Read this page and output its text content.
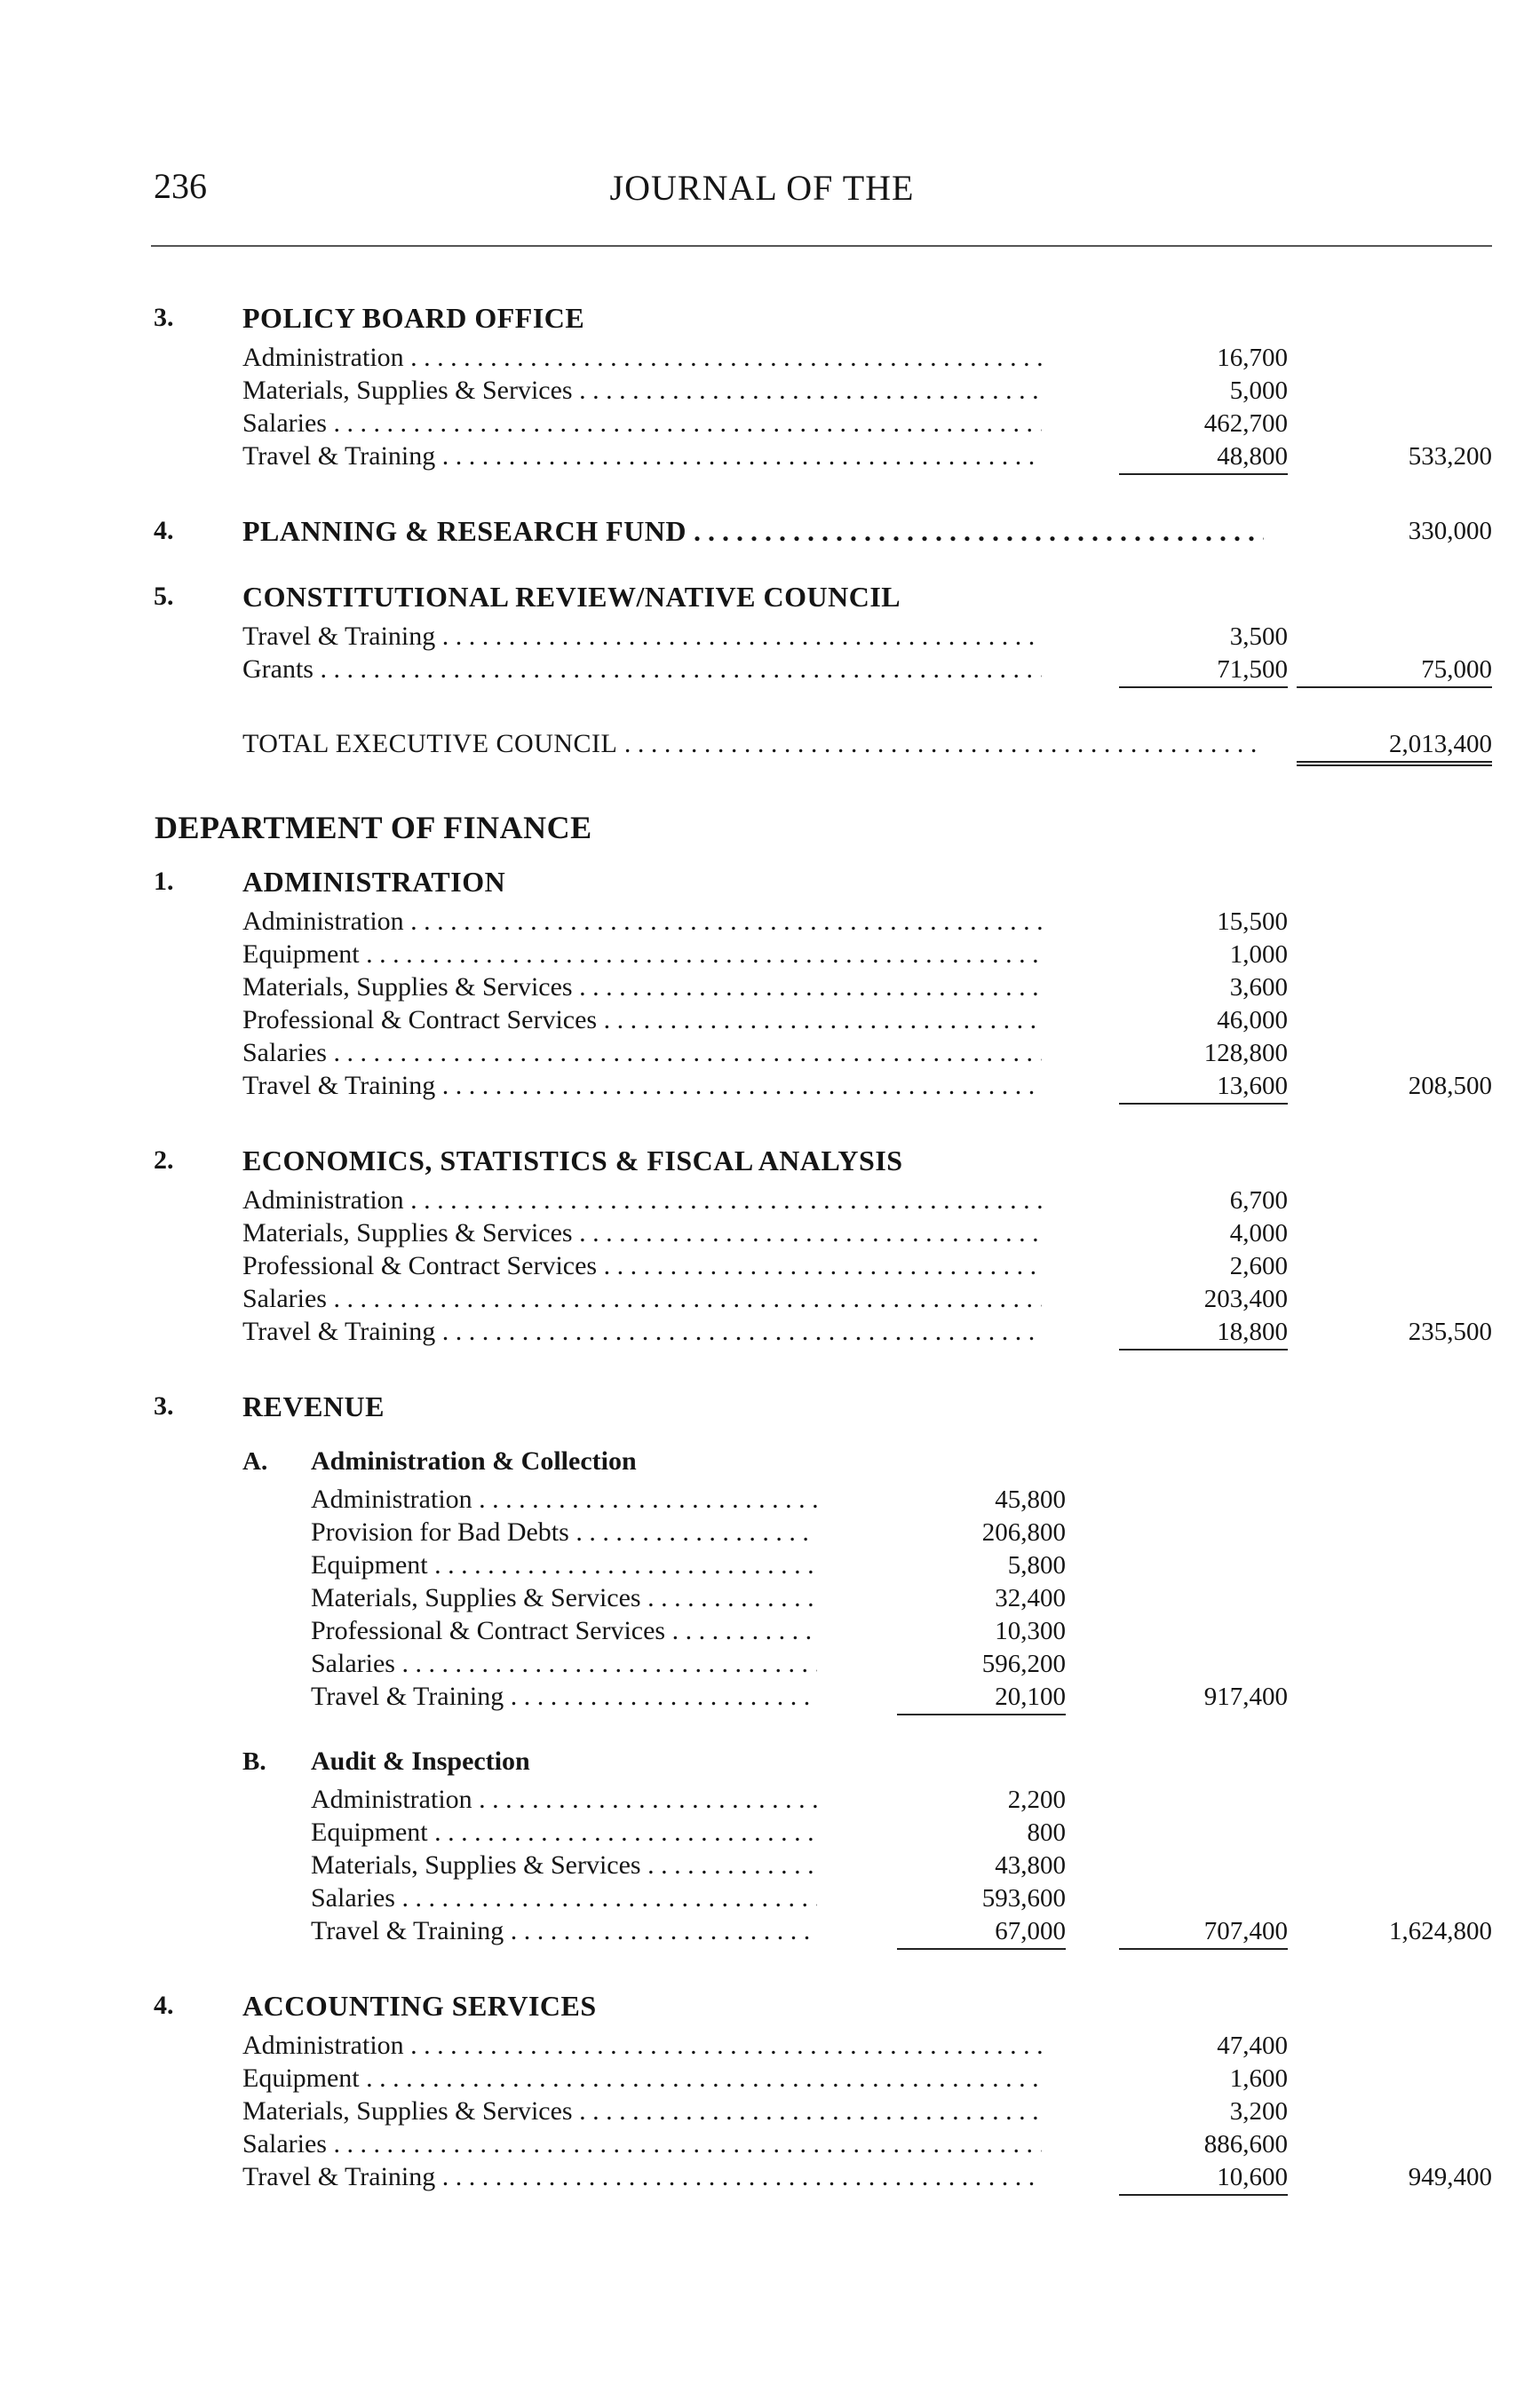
236	JOURNAL OF THE
3. POLICY BOARD OFFICE
Administration . . .	16,700
Materials, Supplies & Services . . .	5,000
Salaries . . .	462,700
Travel & Training . . .	48,800	533,200
4. PLANNING & RESEARCH FUND . . .	330,000
5. CONSTITUTIONAL REVIEW/NATIVE COUNCIL
Travel & Training . . .	3,500
Grants . . .	71,500	75,000
TOTAL EXECUTIVE COUNCIL . . .	2,013,400
DEPARTMENT OF FINANCE
1. ADMINISTRATION
Administration . . .	15,500
Equipment . . .	1,000
Materials, Supplies & Services . . .	3,600
Professional & Contract Services . . .	46,000
Salaries . . .	128,800
Travel & Training . . .	13,600	208,500
2. ECONOMICS, STATISTICS & FISCAL ANALYSIS
Administration . . .	6,700
Materials, Supplies & Services . . .	4,000
Professional & Contract Services . . .	2,600
Salaries . . .	203,400
Travel & Training . . .	18,800	235,500
3. REVENUE
A. Administration & Collection
Administration . . .	45,800
Provision for Bad Debts . . .	206,800
Equipment . . .	5,800
Materials, Supplies & Services . . .	32,400
Professional & Contract Services . . .	10,300
Salaries . . .	596,200
Travel & Training . . .	20,100	917,400
B. Audit & Inspection
Administration . . .	2,200
Equipment . . .	800
Materials, Supplies & Services . . .	43,800
Salaries . . .	593,600
Travel & Training . . .	67,000	707,400	1,624,800
4. ACCOUNTING SERVICES
Administration . . .	47,400
Equipment . . .	1,600
Materials, Supplies & Services . . .	3,200
Salaries . . .	886,600
Travel & Training . . .	10,600	949,400
